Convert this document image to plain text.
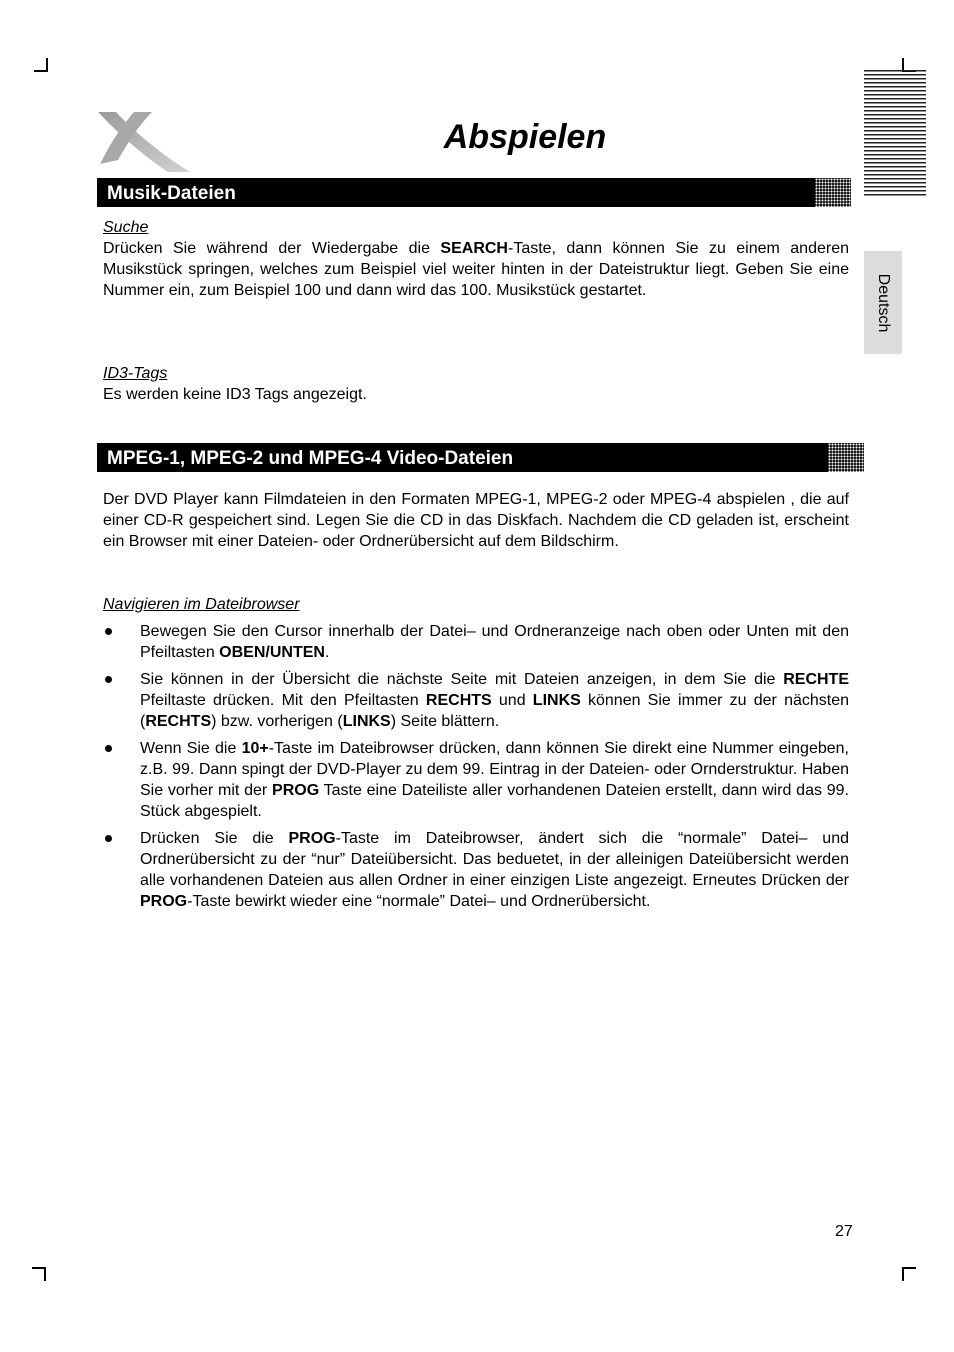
Deutsch
Abspielen
Musik-Dateien
Suche

Drücken Sie während der Wiedergabe die SEARCH-Taste, dann können Sie zu einem anderen Musikstück springen, welches zum Beispiel viel weiter hinten in der Dateistruktur liegt. Geben Sie eine Nummer ein, zum Beispiel 100 und dann wird das 100. Musikstück gestartet.

ID3-Tags

Es werden keine ID3 Tags angezeigt.

MPEG-1, MPEG-2 und MPEG-4 Video-Dateien

Der DVD Player kann Filmdateien in den Formaten MPEG-1, MPEG-2 oder MPEG-4 abspielen , die auf einer CD-R gespeichert sind. Legen Sie die CD in das Diskfach. Nachdem die CD geladen ist, erscheint ein Browser mit einer Dateien- oder Ordnerübersicht auf dem Bildschirm.

Navigieren im Dateibrowser
Bewegen Sie den Cursor innerhalb der Datei– und Ordneranzeige nach oben oder Unten mit den Pfeiltasten OBEN/UNTEN.
Sie können in der Übersicht die nächste Seite mit Dateien anzeigen, in dem Sie die RECHTE Pfeiltaste drücken. Mit den Pfeiltasten RECHTS und LINKS können Sie immer zu der nächsten (RECHTS) bzw. vorherigen (LINKS) Seite blättern.
Wenn Sie die 10+-Taste im Dateibrowser drücken, dann können Sie direkt eine Nummer eingeben, z.B. 99. Dann spingt der DVD-Player zu dem 99. Eintrag in der Dateien- oder Ornderstruktur. Haben Sie vorher mit der PROG Taste eine Dateiliste aller vorhandenen Dateien erstellt, dann wird das 99. Stück abgespielt.
Drücken Sie die PROG-Taste im Dateibrowser, ändert sich die “normale” Datei– und Ordnerübersicht zu der “nur” Dateiübersicht. Das beduetet, in der alleinigen Dateiübersicht werden alle vorhandenen Dateien aus allen Ordner in einer einzigen Liste angezeigt. Erneutes Drücken der PROG-Taste bewirkt wieder eine “normale” Datei– und Ordnerübersicht.
27
